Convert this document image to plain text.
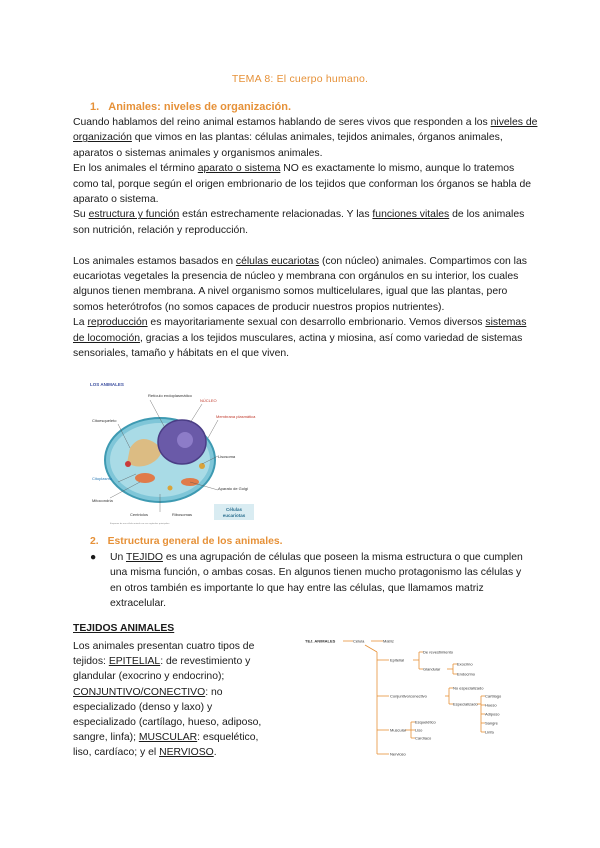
TEMA 8: El cuerpo humano.
1. Animales: niveles de organización.

Cuando hablamos del reino animal estamos hablando de seres vivos que responden a los niveles de organización que vimos en las plantas: células animales, tejidos animales, órganos animales, aparatos o sistemas animales y organismos animales.

En los animales el término aparato o sistema NO es exactamente lo mismo, aunque lo tratemos como tal, porque según el origen embrionario de los tejidos que conforman los órganos se habla de aparato o sistema.

Su estructura y función están estrechamente relacionadas. Y las funciones vitales de los animales son nutrición, relación y reproducción.

Los animales estamos basados en células eucariotas (con núcleo) animales. Compartimos con las eucariotas vegetales la presencia de núcleo y membrana con orgánulos en su interior, los cuales algunos tienen membrana. A nivel organismo somos multicelulares, igual que las plantas, pero somos heterótrofos (no somos capaces de producir nuestros propios nutrientes).

La reproducción es mayoritariamente sexual con desarrollo embrionario. Vemos diversos sistemas de locomoción, gracias a los tejidos musculares, actina y miosina, así como variedad de sistemas sensoriales, tamaño y hábitats en el que viven.

LOS ANIMALES
Retículo endoplasmático
NÚCLEO
Membrana plasmática
Citoesqueleto
Citoplasma
Mitocondria
Lisosoma
Aparato de Golgi
Centriolos	Ribosomas
Células
eucariotas
Esquema de una célula animal con sus orgánulos principales.
2. Estructura general de los animales.
● Un TEJIDO es una agrupación de células que poseen la misma estructura o que cumplen una misma función, o ambas cosas. En algunos tienen mucho protagonismo las células y en otros también es importante lo que hay entre las células, que llamamos matriz extracelular.
TEJIDOS ANIMALES
Los animales presentan cuatro tipos de tejidos: EPITELIAL: de revestimiento y glandular (exocrino y endocrino); CONJUNTIVO/CONECTIVO: no especializado (denso y laxo) y especializado (cartílago, hueso, adiposo, sangre, linfa); MUSCULAR: esquelético, liso, cardíaco; y el NERVIOSO.
TEJ. ANIMALES	Célula	Matriz
Epitelial
De revestimiento
Glandular
Exocrino
Endocrino
Conjuntivo/conectivo
No especializado
Especializado
Cartílago
Hueso
Adiposo
Sangre
Linfa
Muscular
Esquelético
Liso
Cardíaco
Nervioso
